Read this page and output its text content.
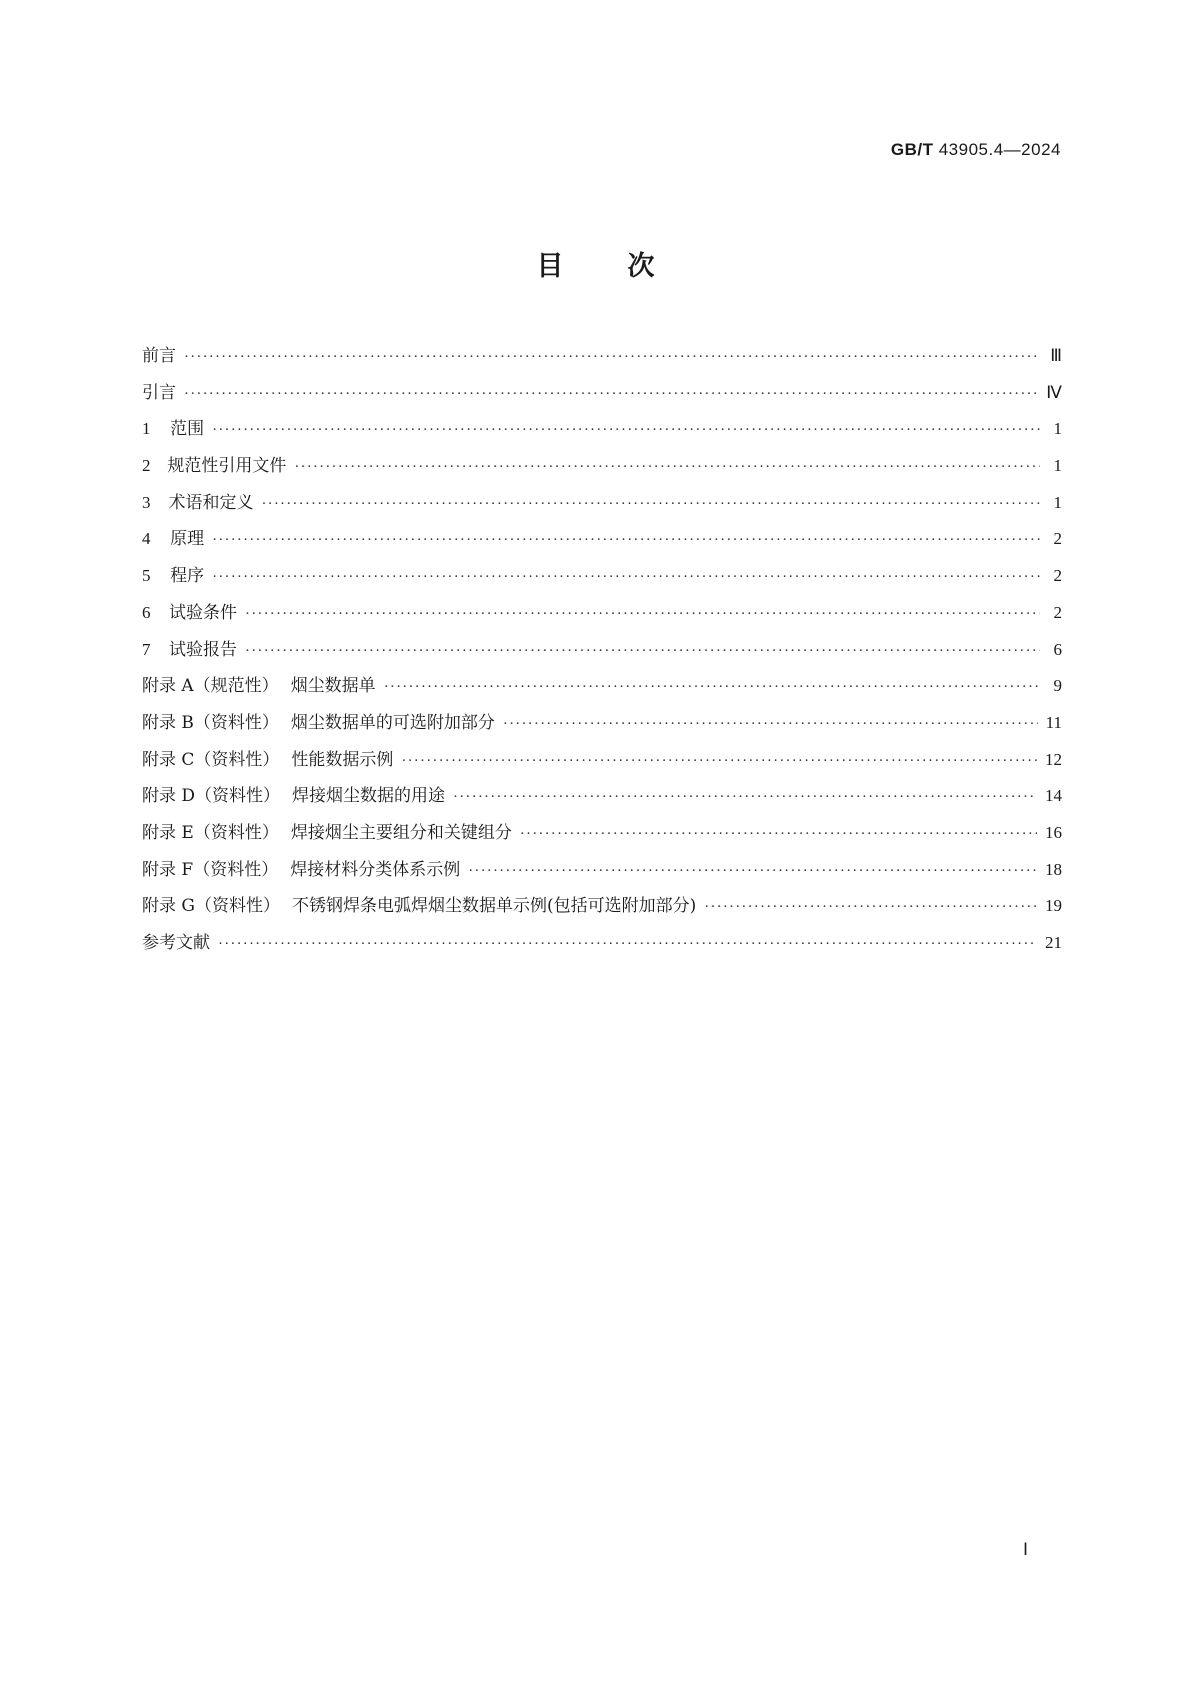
GB/T 43905.4—2024
目 次
前言 ·····	Ⅲ
引言 ·····	Ⅳ
1	范围 ·····	1
2 规范性引用文件 ·····	1
3	术语和定义 ·····	1
4	原理 ·····	2
5	程序 ·····	2
6	试验条件 ·····	2
7	试验报告 ·····	6
附录 A（规范性） 烟尘数据单 ·····	9
附录 B（资料性） 烟尘数据单的可选附加部分 ·····	11
附录 C（资料性） 性能数据示例 ·····	12
附录 D（资料性） 焊接烟尘数据的用途 ·····	14
附录 E（资料性） 焊接烟尘主要组分和关键组分 ·····	16
附录 F（资料性） 焊接材料分类体系示例 ·····	18
附录 G（资料性） 不锈钢焊条电弧焊烟尘数据单示例(包括可选附加部分) ·····	19
参考文献 ·····	21
Ⅰ
